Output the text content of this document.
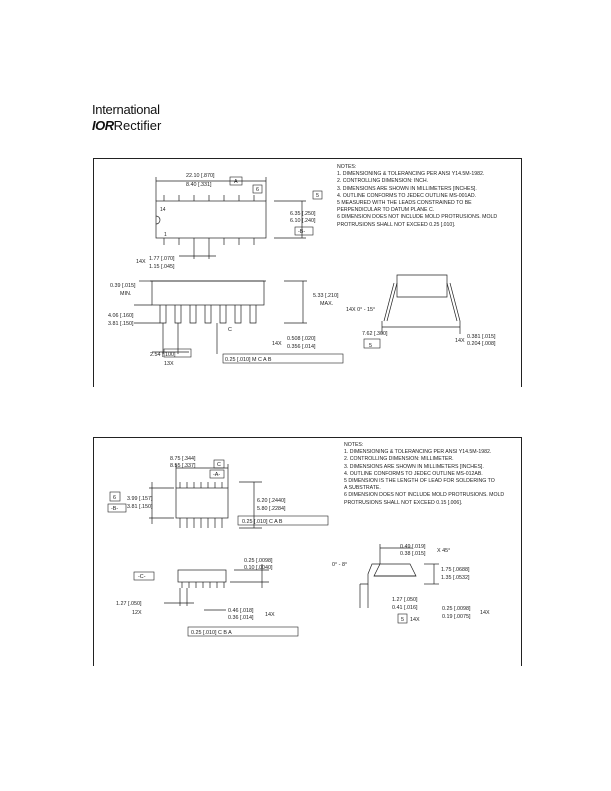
International
IORRectifier
22.10 [.870]
8.40 [.331]	A
6
5
6.35 [.250]
6.10 [.240]
-B-
14
1
14X 1.77 [.070]
1.15 [.045]
0.39 [.015]
MIN.
4.06 [.160]
3.81 [.150]
5.33 [.210]
MAX.
2.54 [.100]
13X
C
0.508 [.020]
0.356 [.014]
14X
0.25 [.010] M C A B
14X 0° - 15°
7.62 [.300]
5
0.381 [.015]
0.204 [.008]
14X
NOTES:
1. DIMENSIONING & TOLERANCING PER ANSI Y14.5M-1982.
2. CONTROLLING DIMENSION: INCH.
3. DIMENSIONS ARE SHOWN IN MILLIMETERS [INCHES].
4. OUTLINE CONFORMS TO JEDEC OUTLINE MS-001AD.
5 MEASURED WITH THE LEADS CONSTRAINED TO BE
PERPENDICULAR TO DATUM PLANE C.
6 DIMENSION DOES NOT INCLUDE MOLD PROTRUSIONS. MOLD
PROTRUSIONS SHALL NOT EXCEED 0.25 [.010].
8.75 [.344]
8.55 [.337]
-A-
C
6 3.99 [.157]
3.81 [.150]
-B-
6.20 [.2440]
5.80 [.2284]
0.25 [.010] C A B
0.25 [.0098]
0.10 [.0040]
-C-
1.27 [.050]
12X	0.46 [.018]
0.36 [.014] 14X
0.25 [.010] C B A
0.49 [.019]
0.38 [.015] X 45°
0° - 8°
1.75 [.0688]
1.35 [.0532]
1.27 [.050]
0.41 [.016]
14X
5
0.25 [.0098]
0.19 [.0075]
14X
NOTES:
1. DIMENSIONING & TOLERANCING PER ANSI Y14.5M-1982.
2. CONTROLLING DIMENSION: MILLIMETER.
3. DIMENSIONS ARE SHOWN IN MILLIMETERS [INCHES].
4. OUTLINE CONFORMS TO JEDEC OUTLINE MS-012AB.
5 DIMENSION IS THE LENGTH OF LEAD FOR SOLDERING TO
A SUBSTRATE.
6 DIMENSION DOES NOT INCLUDE MOLD PROTRUSIONS. MOLD
PROTRUSIONS SHALL NOT EXCEED 0.15 [.006].
